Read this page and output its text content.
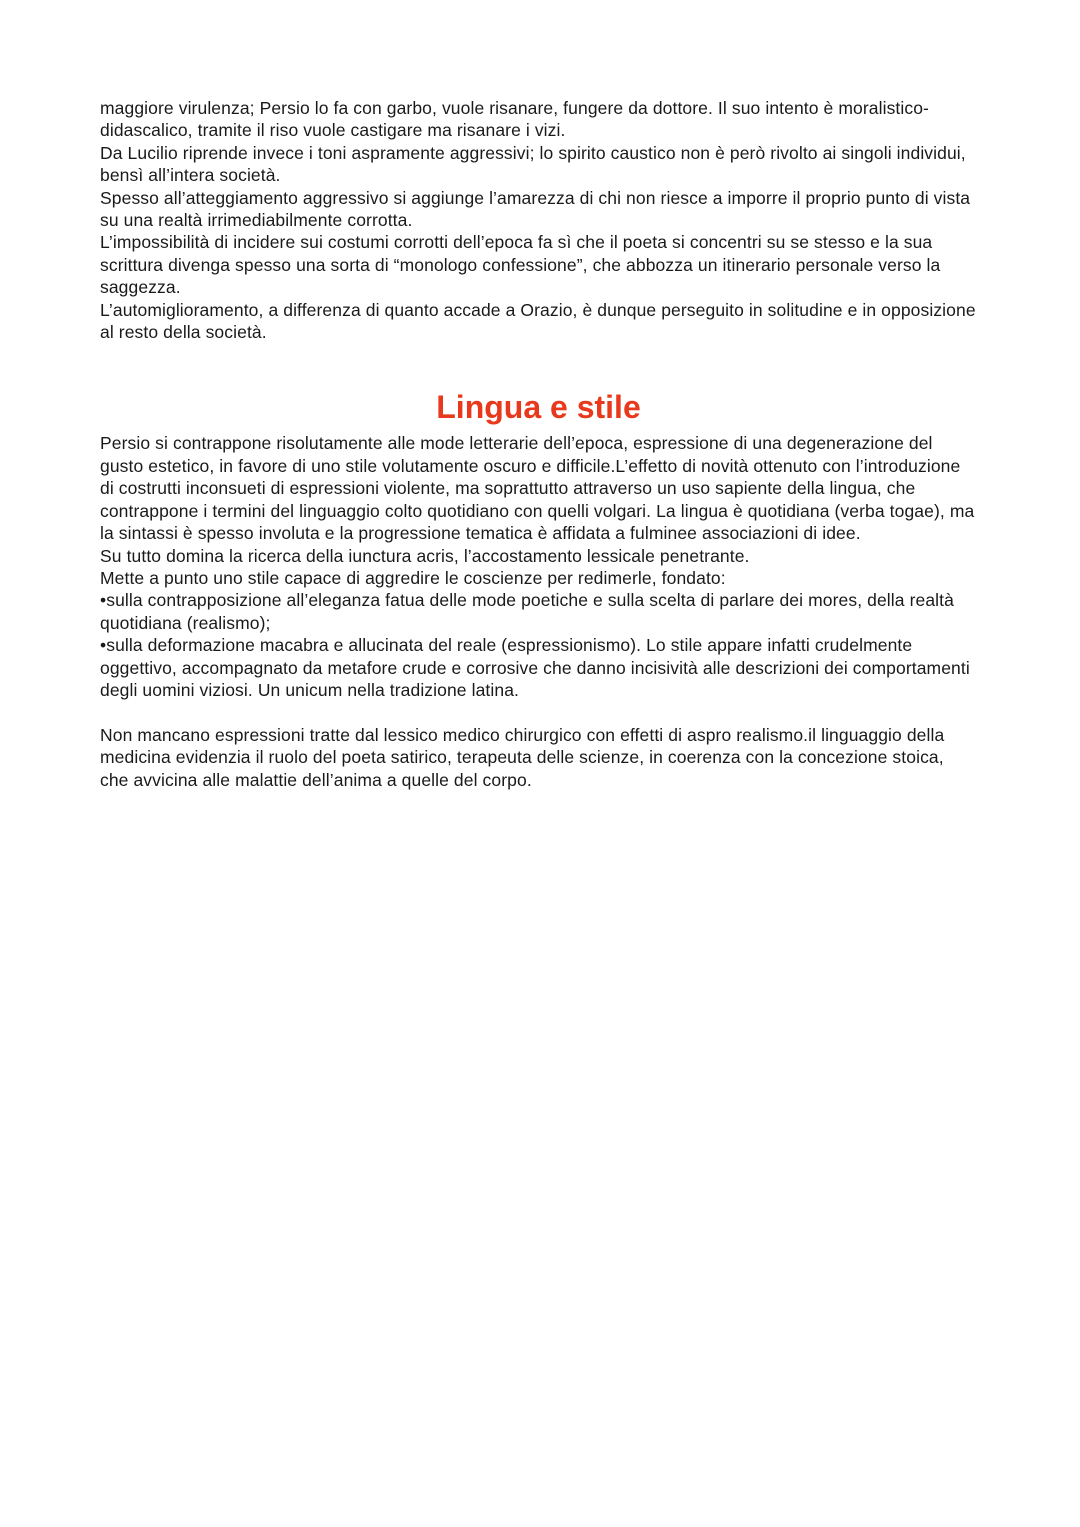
maggiore virulenza; Persio lo fa con garbo, vuole risanare, fungere da dottore. Il suo intento è moralistico-didascalico, tramite il riso vuole castigare ma risanare i vizi.

Da Lucilio riprende invece i toni aspramente aggressivi; lo spirito caustico non è però rivolto ai singoli individui, bensì all’intera società.

Spesso all’atteggiamento aggressivo si aggiunge l’amarezza di chi non riesce a imporre il proprio punto di vista su una realtà irrimediabilmente corrotta.

L’impossibilità di incidere sui costumi corrotti dell’epoca fa sì che il poeta si concentri su se stesso e la sua scrittura divenga spesso una sorta di “monologo confessione”, che abbozza un itinerario personale verso la saggezza.

L’automiglioramento, a differenza di quanto accade a Orazio, è dunque perseguito in solitudine e in opposizione al resto della società.

Lingua e stile

Persio si contrappone risolutamente alle mode letterarie dell’epoca, espressione di una degenerazione del gusto estetico, in favore di uno stile volutamente oscuro e difficile.L’effetto di novità ottenuto con l’introduzione di costrutti inconsueti di espressioni violente, ma soprattutto attraverso un uso sapiente della lingua, che contrappone i termini del linguaggio colto quotidiano con quelli volgari. La lingua è quotidiana (verba togae), ma la sintassi è spesso involuta e la progressione tematica è affidata a fulminee associazioni di idee.

Su tutto domina la ricerca della iunctura acris, l’accostamento lessicale penetrante.

Mette a punto uno stile capace di aggredire le coscienze per redimerle, fondato:

•sulla contrapposizione all’eleganza fatua delle mode poetiche e sulla scelta di parlare dei mores, della realtà quotidiana (realismo);

•sulla deformazione macabra e allucinata del reale (espressionismo). Lo stile appare infatti crudelmente oggettivo, accompagnato da metafore crude e corrosive che danno incisività alle descrizioni dei comportamenti degli uomini viziosi. Un unicum nella tradizione latina.

Non mancano espressioni tratte dal lessico medico chirurgico con effetti di aspro realismo.il linguaggio della medicina evidenzia il ruolo del poeta satirico, terapeuta delle scienze, in coerenza con la concezione stoica, che avvicina alle malattie dell’anima a quelle del corpo.
